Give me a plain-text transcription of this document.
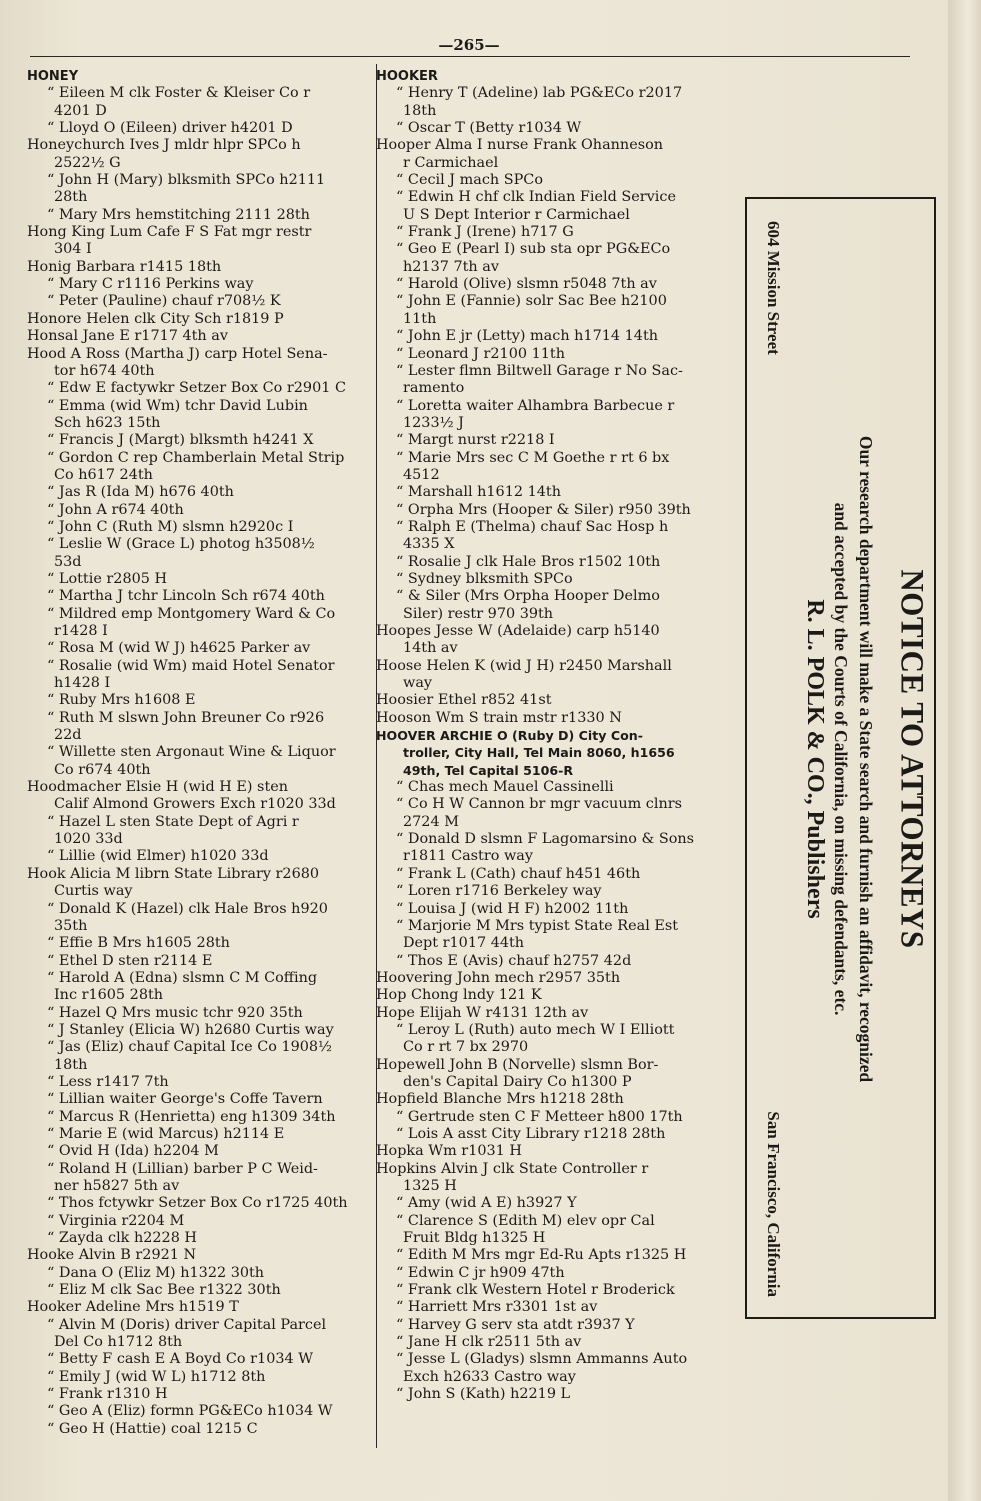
—265—
HONEY
“ Eileen M clk Foster & Kleiser Co r
4201 D
“ Lloyd O (Eileen) driver h4201 D
Honeychurch Ives J mldr hlpr SPCo h
2522½ G
“ John H (Mary) blksmith SPCo h2111
28th
“ Mary Mrs hemstitching 2111 28th
Hong King Lum Cafe F S Fat mgr restr
304 I
Honig Barbara r1415 18th
“ Mary C r1116 Perkins way
“ Peter (Pauline) chauf r708½ K
Honore Helen clk City Sch r1819 P
Honsal Jane E r1717 4th av
Hood A Ross (Martha J) carp Hotel Sena-
tor h674 40th
“ Edw E factywkr Setzer Box Co r2901 C
“ Emma (wid Wm) tchr David Lubin
Sch h623 15th
“ Francis J (Margt) blksmth h4241 X
“ Gordon C rep Chamberlain Metal Strip
Co h617 24th
“ Jas R (Ida M) h676 40th
“ John A r674 40th
“ John C (Ruth M) slsmn h2920c I
“ Leslie W (Grace L) photog h3508½
53d
“ Lottie r2805 H
“ Martha J tchr Lincoln Sch r674 40th
“ Mildred emp Montgomery Ward & Co
r1428 I
“ Rosa M (wid W J) h4625 Parker av
“ Rosalie (wid Wm) maid Hotel Senator
h1428 I
“ Ruby Mrs h1608 E
“ Ruth M slswn John Breuner Co r926
22d
“ Willette sten Argonaut Wine & Liquor
Co r674 40th
Hoodmacher Elsie H (wid H E) sten
Calif Almond Growers Exch r1020 33d
“ Hazel L sten State Dept of Agri r
1020 33d
“ Lillie (wid Elmer) h1020 33d
Hook Alicia M librn State Library r2680
Curtis way
“ Donald K (Hazel) clk Hale Bros h920
35th
“ Effie B Mrs h1605 28th
“ Ethel D sten r2114 E
“ Harold A (Edna) slsmn C M Coffing
Inc r1605 28th
“ Hazel Q Mrs music tchr 920 35th
“ J Stanley (Elicia W) h2680 Curtis way
“ Jas (Eliz) chauf Capital Ice Co 1908½
18th
“ Less r1417 7th
“ Lillian waiter George's Coffe Tavern
“ Marcus R (Henrietta) eng h1309 34th
“ Marie E (wid Marcus) h2114 E
“ Ovid H (Ida) h2204 M
“ Roland H (Lillian) barber P C Weid-
ner h5827 5th av
“ Thos fctywkr Setzer Box Co r1725 40th
“ Virginia r2204 M
“ Zayda clk h2228 H
Hooke Alvin B r2921 N
“ Dana O (Eliz M) h1322 30th
“ Eliz M clk Sac Bee r1322 30th
Hooker Adeline Mrs h1519 T
“ Alvin M (Doris) driver Capital Parcel
Del Co h1712 8th
“ Betty F cash E A Boyd Co r1034 W
“ Emily J (wid W L) h1712 8th
“ Frank r1310 H
“ Geo A (Eliz) formn PG&ECo h1034 W
“ Geo H (Hattie) coal 1215 C
HOOKER
“ Henry T (Adeline) lab PG&ECo r2017
18th
“ Oscar T (Betty r1034 W
Hooper Alma I nurse Frank Ohanneson
r Carmichael
“ Cecil J mach SPCo
“ Edwin H chf clk Indian Field Service
U S Dept Interior r Carmichael
“ Frank J (Irene) h717 G
“ Geo E (Pearl I) sub sta opr PG&ECo
h2137 7th av
“ Harold (Olive) slsmn r5048 7th av
“ John E (Fannie) solr Sac Bee h2100
11th
“ John E jr (Letty) mach h1714 14th
“ Leonard J r2100 11th
“ Lester flmn Biltwell Garage r No Sac-
ramento
“ Loretta waiter Alhambra Barbecue r
1233½ J
“ Margt nurst r2218 I
“ Marie Mrs sec C M Goethe r rt 6 bx
4512
“ Marshall h1612 14th
“ Orpha Mrs (Hooper & Siler) r950 39th
“ Ralph E (Thelma) chauf Sac Hosp h
4335 X
“ Rosalie J clk Hale Bros r1502 10th
“ Sydney blksmith SPCo
“ & Siler (Mrs Orpha Hooper Delmo
Siler) restr 970 39th
Hoopes Jesse W (Adelaide) carp h5140
14th av
Hoose Helen K (wid J H) r2450 Marshall
way
Hoosier Ethel r852 41st
Hooson Wm S train mstr r1330 N
HOOVER ARCHIE O (Ruby D) City Con-
troller, City Hall, Tel Main 8060, h1656
49th, Tel Capital 5106-R
“ Chas mech Mauel Cassinelli
“ Co H W Cannon br mgr vacuum clnrs
2724 M
“ Donald D slsmn F Lagomarsino & Sons
r1811 Castro way
“ Frank L (Cath) chauf h451 46th
“ Loren r1716 Berkeley way
“ Louisa J (wid H F) h2002 11th
“ Marjorie M Mrs typist State Real Est
Dept r1017 44th
“ Thos E (Avis) chauf h2757 42d
Hoovering John mech r2957 35th
Hop Chong lndy 121 K
Hope Elijah W r4131 12th av
“ Leroy L (Ruth) auto mech W I Elliott
Co r rt 7 bx 2970
Hopewell John B (Norvelle) slsmn Bor-
den's Capital Dairy Co h1300 P
Hopfield Blanche Mrs h1218 28th
“ Gertrude sten C F Metteer h800 17th
“ Lois A asst City Library r1218 28th
Hopka Wm r1031 H
Hopkins Alvin J clk State Controller r
1325 H
“ Amy (wid A E) h3927 Y
“ Clarence S (Edith M) elev opr Cal
Fruit Bldg h1325 H
“ Edith M Mrs mgr Ed-Ru Apts r1325 H
“ Edwin C jr h909 47th
“ Frank clk Western Hotel r Broderick
“ Harriett Mrs r3301 1st av
“ Harvey G serv sta atdt r3937 Y
“ Jane H clk r2511 5th av
“ Jesse L (Gladys) slsmn Ammanns Auto
Exch h2633 Castro way
“ John S (Kath) h2219 L
NOTICE TO ATTORNEYS
Our research department will make a State search and furnish an affidavit, recognized
and accepted by the Courts of California, on missing defendants, etc.
R. L. POLK & CO., Publishers
604 Mission Street
San Francisco, California
